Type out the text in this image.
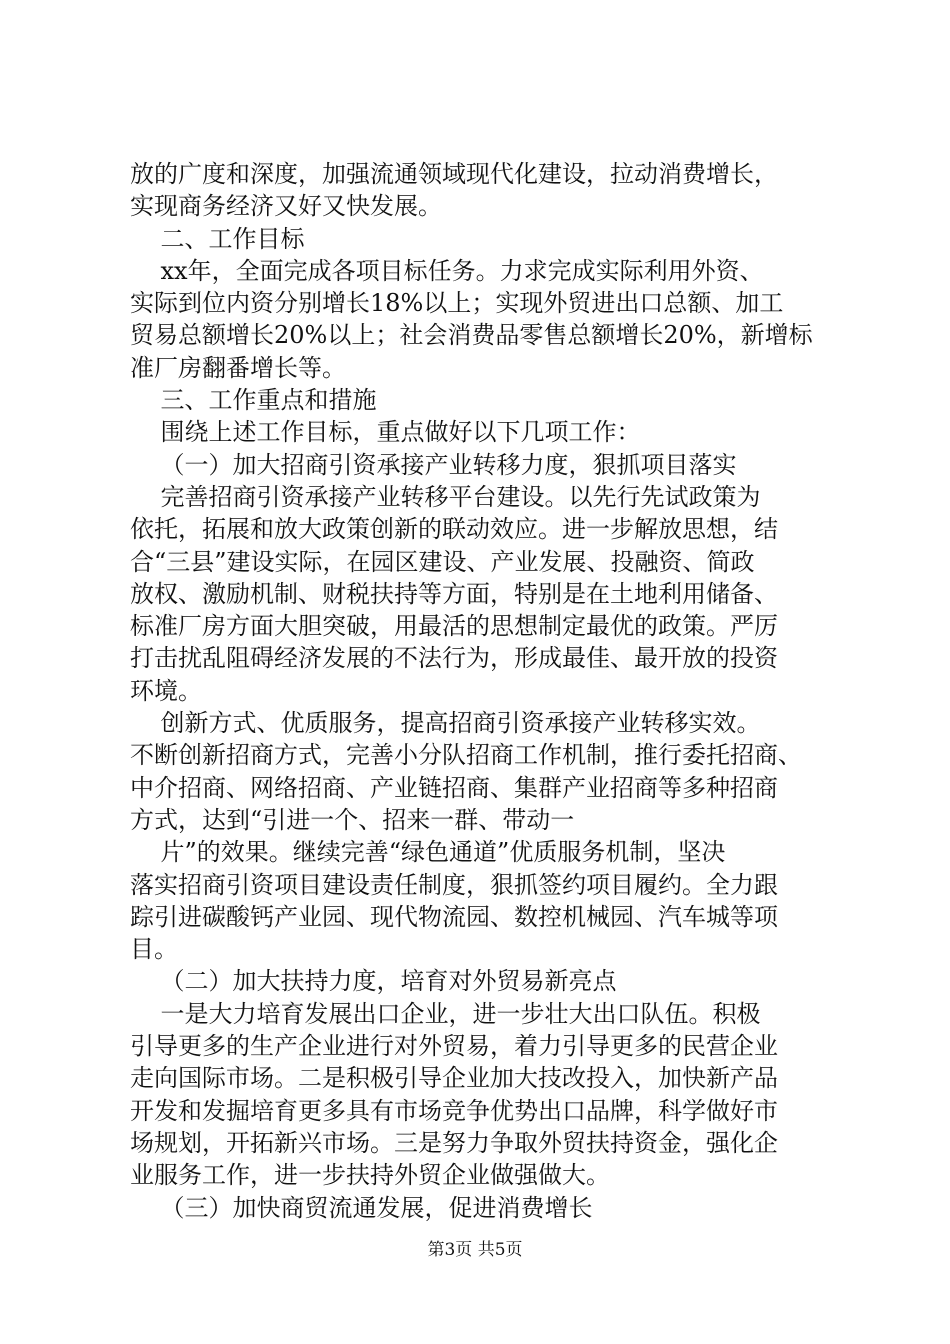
放的广度和深度，加强流通领域现代化建设，拉动消费增长，
实现商务经济又好又快发展。
二、工作目标
xx年，全面完成各项目标任务。力求完成实际利用外资、
实际到位内资分别增长18%以上；实现外贸进出口总额、加工
贸易总额增长20%以上；社会消费品零售总额增长20%，新增标
准厂房翻番增长等。
三、工作重点和措施
围绕上述工作目标，重点做好以下几项工作：
（一）加大招商引资承接产业转移力度，狠抓项目落实
完善招商引资承接产业转移平台建设。以先行先试政策为
依托，拓展和放大政策创新的联动效应。进一步解放思想，结
合“三县”建设实际，在园区建设、产业发展、投融资、简政
放权、激励机制、财税扶持等方面，特别是在土地利用储备、
标准厂房方面大胆突破，用最活的思想制定最优的政策。严厉
打击扰乱阻碍经济发展的不法行为，形成最佳、最开放的投资
环境。
创新方式、优质服务，提高招商引资承接产业转移实效。
不断创新招商方式，完善小分队招商工作机制，推行委托招商、
中介招商、网络招商、产业链招商、集群产业招商等多种招商
方式，达到“引进一个、招来一群、带动一
片”的效果。继续完善“绿色通道”优质服务机制，坚决
落实招商引资项目建设责任制度，狠抓签约项目履约。全力跟
踪引进碳酸钙产业园、现代物流园、数控机械园、汽车城等项
目。
（二）加大扶持力度，培育对外贸易新亮点
一是大力培育发展出口企业，进一步壮大出口队伍。积极
引导更多的生产企业进行对外贸易，着力引导更多的民营企业
走向国际市场。二是积极引导企业加大技改投入，加快新产品
开发和发掘培育更多具有市场竞争优势出口品牌，科学做好市
场规划，开拓新兴市场。三是努力争取外贸扶持资金，强化企
业服务工作，进一步扶持外贸企业做强做大。
（三）加快商贸流通发展，促进消费增长
第3页 共5页
